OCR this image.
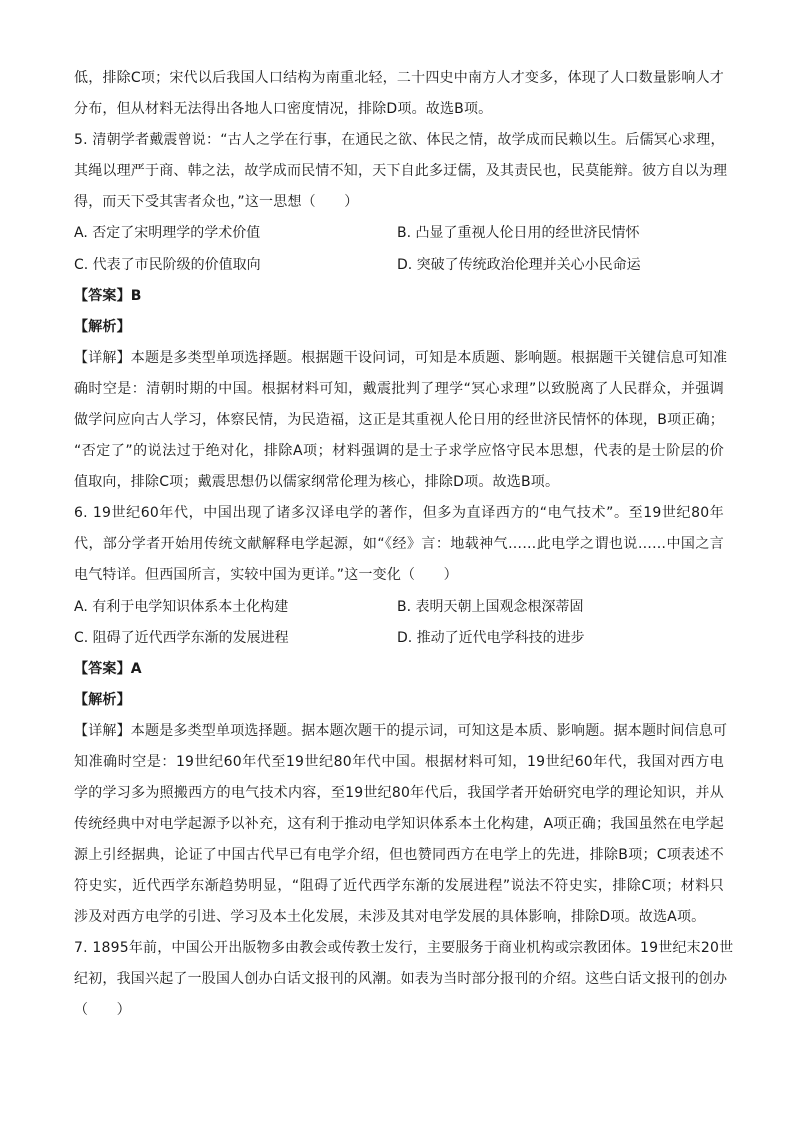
低，排除C项；宋代以后我国人口结构为南重北轻，二十四史中南方人才变多，体现了人口数量影响人才
分布，但从材料无法得出各地人口密度情况，排除D项。故选B项。
5. 清朝学者戴震曾说：“古人之学在行事，在通民之欲、体民之情，故学成而民赖以生。后儒冥心求理，
其绳以理严于商、韩之法，故学成而民情不知，天下自此多迂儒，及其责民也，民莫能辩。彼方自以为理
得，而天下受其害者众也，”这一思想（　　）
A. 否定了宋明理学的学术价值	B. 凸显了重视人伦日用的经世济民情怀
C. 代表了市民阶级的价值取向	D. 突破了传统政治伦理并关心小民命运
【答案】B
【解析】
【详解】本题是多类型单项选择题。根据题干设问词，可知是本质题、影响题。根据题干关键信息可知准
确时空是：清朝时期的中国。根据材料可知，戴震批判了理学“冥心求理”以致脱离了人民群众，并强调
做学问应向古人学习，体察民情，为民造福，这正是其重视人伦日用的经世济民情怀的体现，B项正确；
“否定了”的说法过于绝对化，排除A项；材料强调的是士子求学应恪守民本思想，代表的是士阶层的价
值取向，排除C项；戴震思想仍以儒家纲常伦理为核心，排除D项。故选B项。
6. 19世纪60年代，中国出现了诸多汉译电学的著作，但多为直译西方的“电气技术”。至19世纪80年
代，部分学者开始用传统文献解释电学起源，如“《经》言：地载神气……此电学之谓也说……中国之言
电气特详。但西国所言，实较中国为更详。”这一变化（　　）
A. 有利于电学知识体系本土化构建	B. 表明天朝上国观念根深蒂固
C. 阻碍了近代西学东渐的发展进程	D. 推动了近代电学科技的进步
【答案】A
【解析】
【详解】本题是多类型单项选择题。据本题次题干的提示词，可知这是本质、影响题。据本题时间信息可
知准确时空是：19世纪60年代至19世纪80年代中国。根据材料可知，19世纪60年代，我国对西方电
学的学习多为照搬西方的电气技术内容，至19世纪80年代后，我国学者开始研究电学的理论知识，并从
传统经典中对电学起源予以补充，这有利于推动电学知识体系本土化构建，A项正确；我国虽然在电学起
源上引经据典，论证了中国古代早已有电学介绍，但也赞同西方在电学上的先进，排除B项；C项表述不
符史实，近代西学东渐趋势明显，“阻碍了近代西学东渐的发展进程”说法不符史实，排除C项；材料只
涉及对西方电学的引进、学习及本土化发展，未涉及其对电学发展的具体影响，排除D项。故选A项。
7. 1895年前，中国公开出版物多由教会或传教士发行，主要服务于商业机构或宗教团体。19世纪末20世
纪初，我国兴起了一股国人创办白话文报刊的风潮。如表为当时部分报刊的介绍。这些白话文报刊的创办
（　　）
